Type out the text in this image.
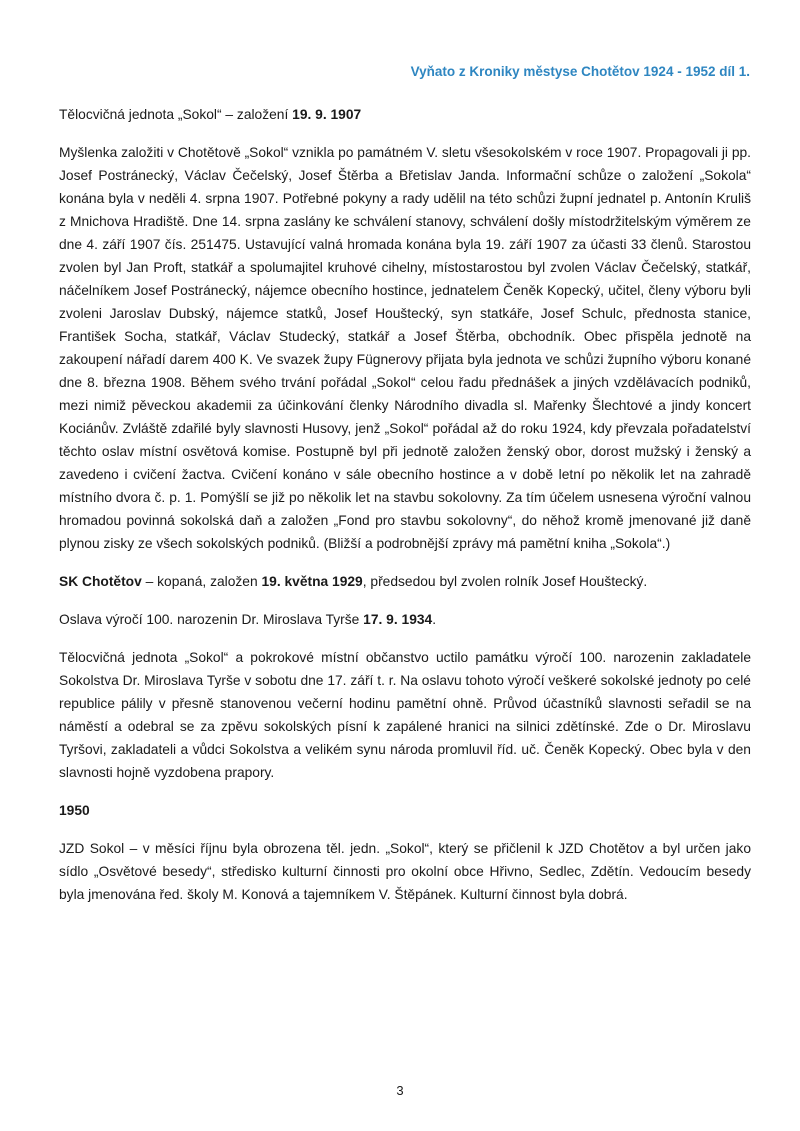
Vyňato z Kroniky městyse Chotětov 1924 - 1952 díl 1.

Tělocvičná jednota „Sokol“ – založení 19. 9. 1907

Myšlenka založiti v Chotětově „Sokol“ vznikla po památném V. sletu všesokolském v roce 1907. Propagovali ji pp. Josef Postránecký, Václav Čečelský, Josef Štěrba a Břetislav Janda. Informační schůze o založení „Sokola“ konána byla v neděli 4. srpna 1907. Potřebné pokyny a rady udělil na této schůzi župní jednatel p. Antonín Kruliš z Mnichova Hradiště. Dne 14. srpna zaslány ke schválení stanovy, schválení došly místodržitelským výměrem ze dne 4. září 1907 čís. 251475. Ustavující valná hromada konána byla 19. září 1907 za účasti 33 členů. Starostou zvolen byl Jan Proft, statkář a spolumajitel kruhové cihelny, místostarostou byl zvolen Václav Čečelský, statkář, náčelníkem Josef Postránecký, nájemce obecního hostince, jednatelem Čeněk Kopecký, učitel, členy výboru byli zvoleni Jaroslav Dubský, nájemce statků, Josef Houštecký, syn statkáře, Josef Schulc, přednosta stanice, František Socha, statkář, Václav Studecký, statkář a Josef Štěrba, obchodník. Obec přispěla jednotě na zakoupení nářadí darem 400 K. Ve svazek župy Fügnerovy přijata byla jednota ve schůzi župního výboru konané dne 8. března 1908. Během svého trvání pořádal „Sokol“ celou řadu přednášek a jiných vzdělávacích podniků, mezi nimiž pěveckou akademii za účinkování členky Národního divadla sl. Mařenky Šlechtové a jindy koncert Kociánův. Zvláště zdařilé byly slavnosti Husovy, jenž „Sokol“ pořádal až do roku 1924, kdy převzala pořadatelství těchto oslav místní osvětová komise. Postupně byl při jednotě založen ženský obor, dorost mužský i ženský a zavedeno i cvičení žactva. Cvičení konáno v sále obecního hostince a v době letní po několik let na zahradě místního dvora č. p. 1. Pomýšlí se již po několik let na stavbu sokolovny. Za tím účelem usnesena výroční valnou hromadou povinná sokolská daň a založen „Fond pro stavbu sokolovny“, do něhož kromě jmenované již daně plynou zisky ze všech sokolských podniků. (Bližší a podrobnější zprávy má pamětní kniha „Sokola“.)

SK Chotětov – kopaná, založen 19. května 1929, předsedou byl zvolen rolník Josef Houštecký.

Oslava výročí 100. narozenin Dr. Miroslava Tyrše 17. 9. 1934.

Tělocvičná jednota „Sokol“ a pokrokové místní občanstvo uctilo památku výročí 100. narozenin zakladatele Sokolstva Dr. Miroslava Tyrše v sobotu dne 17. září t. r. Na oslavu tohoto výročí veškeré sokolské jednoty po celé republice pálily v přesně stanovenou večerní hodinu pamětní ohně. Průvod účastníků slavnosti seřadil se na náměstí a odebral se za zpěvu sokolských písní k zapálené hranici na silnici zdětínské. Zde o Dr. Miroslavu Tyršovi, zakladateli a vůdci Sokolstva a velikém synu národa promluvil říd. uč. Čeněk Kopecký. Obec byla v den slavnosti hojně vyzdobena prapory.

1950

JZD Sokol – v měsíci říjnu byla obrozena těl. jedn. „Sokol“, který se přičlenil k JZD Chotětov a byl určen jako sídlo „Osvětové besedy“, středisko kulturní činnosti pro okolní obce Hřivno, Sedlec, Zdětín. Vedoucím besedy byla jmenována řed. školy M. Konová a tajemníkem V. Štěpánek. Kulturní činnost byla dobrá.

3
